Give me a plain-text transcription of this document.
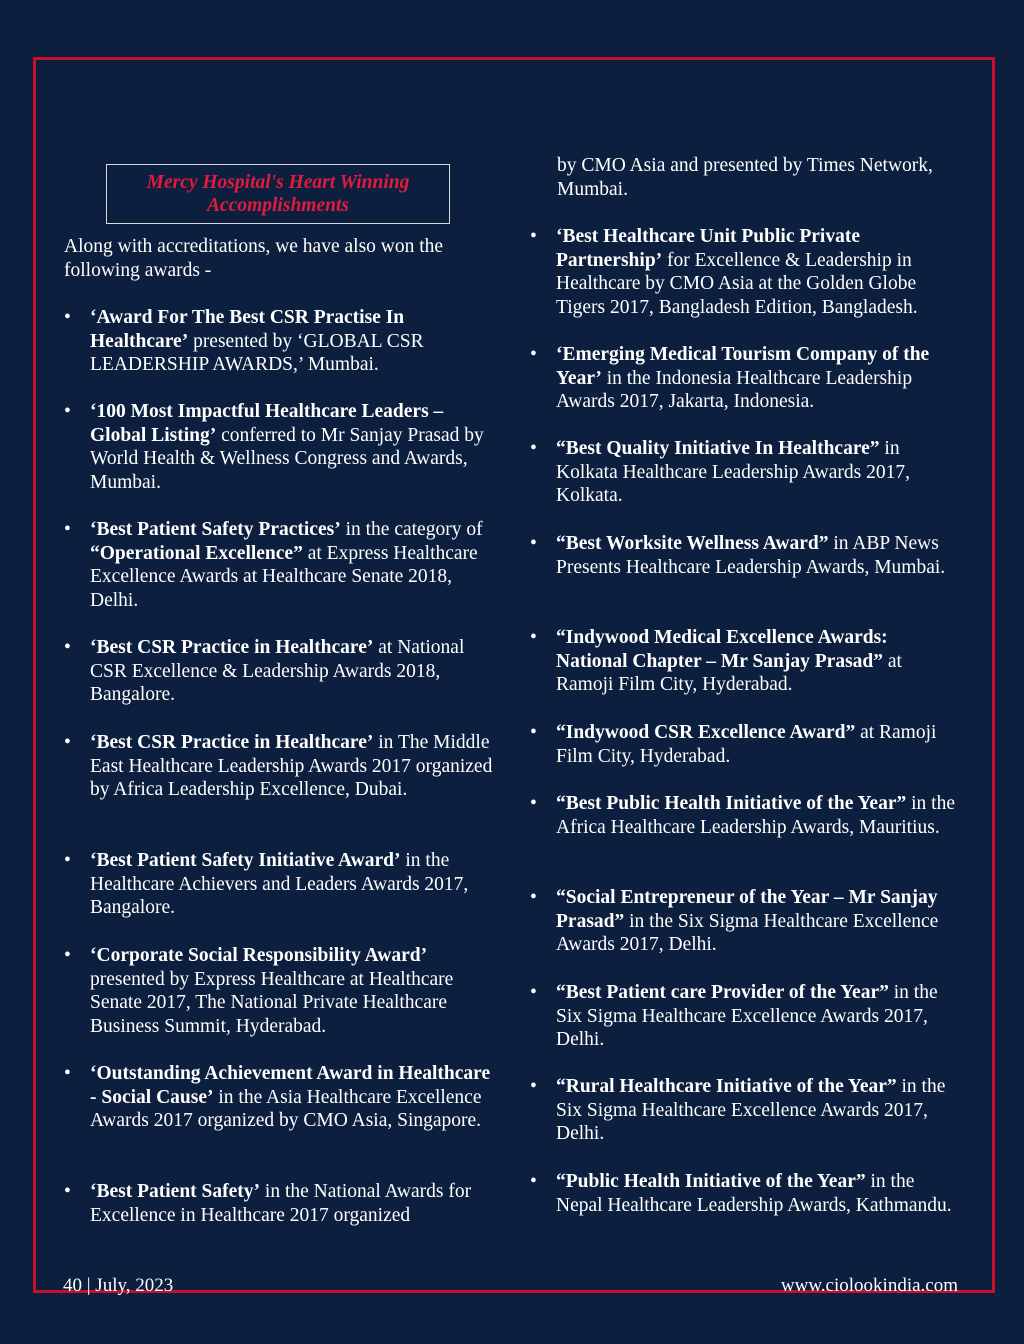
Mercy Hospital's Heart Winning Accomplishments
Along with accreditations, we have also won the following awards -
• ‘Award For The Best CSR Practise In Healthcare’ presented by ‘GLOBAL CSR LEADERSHIP AWARDS,’ Mumbai.
• ‘100 Most Impactful Healthcare Leaders – Global Listing’ conferred to Mr Sanjay Prasad by World Health & Wellness Congress and Awards, Mumbai.
• ‘Best Patient Safety Practices’ in the category of “Operational Excellence” at Express Healthcare Excellence Awards at Healthcare Senate 2018, Delhi.
• ‘Best CSR Practice in Healthcare’ at National CSR Excellence & Leadership Awards 2018, Bangalore.
• ‘Best CSR Practice in Healthcare’ in The Middle East Healthcare Leadership Awards 2017 organized by Africa Leadership Excellence, Dubai.
• ‘Best Patient Safety Initiative Award’ in the Healthcare Achievers and Leaders Awards 2017, Bangalore.
• ‘Corporate Social Responsibility Award’ presented by Express Healthcare at Healthcare Senate 2017, The National Private Healthcare Business Summit, Hyderabad.
• ‘Outstanding Achievement Award in Healthcare - Social Cause’ in the Asia Healthcare Excellence Awards 2017 organized by CMO Asia, Singapore.
• ‘Best Patient Safety’ in the National Awards for Excellence in Healthcare 2017 organized
by CMO Asia and presented by Times Network, Mumbai.
• ‘Best Healthcare Unit Public Private Partnership’ for Excellence & Leadership in Healthcare by CMO Asia at the Golden Globe Tigers 2017, Bangladesh Edition, Bangladesh.
• ‘Emerging Medical Tourism Company of the Year’ in the Indonesia Healthcare Leadership Awards 2017, Jakarta, Indonesia.
• “Best Quality Initiative In Healthcare” in Kolkata Healthcare Leadership Awards 2017, Kolkata.
• “Best Worksite Wellness Award” in ABP News Presents Healthcare Leadership Awards, Mumbai.
• “Indywood Medical Excellence Awards: National Chapter – Mr Sanjay Prasad” at Ramoji Film City, Hyderabad.
• “Indywood CSR Excellence Award” at Ramoji Film City, Hyderabad.
• “Best Public Health Initiative of the Year” in the Africa Healthcare Leadership Awards, Mauritius.
• “Social Entrepreneur of the Year – Mr Sanjay Prasad” in the Six Sigma Healthcare Excellence Awards 2017, Delhi.
• “Best Patient care Provider of the Year” in the Six Sigma Healthcare Excellence Awards 2017, Delhi.
• “Rural Healthcare Initiative of the Year” in the Six Sigma Healthcare Excellence Awards 2017, Delhi.
• “Public Health Initiative of the Year” in the Nepal Healthcare Leadership Awards, Kathmandu.
40 | July, 2023	www.ciolookindia.com
